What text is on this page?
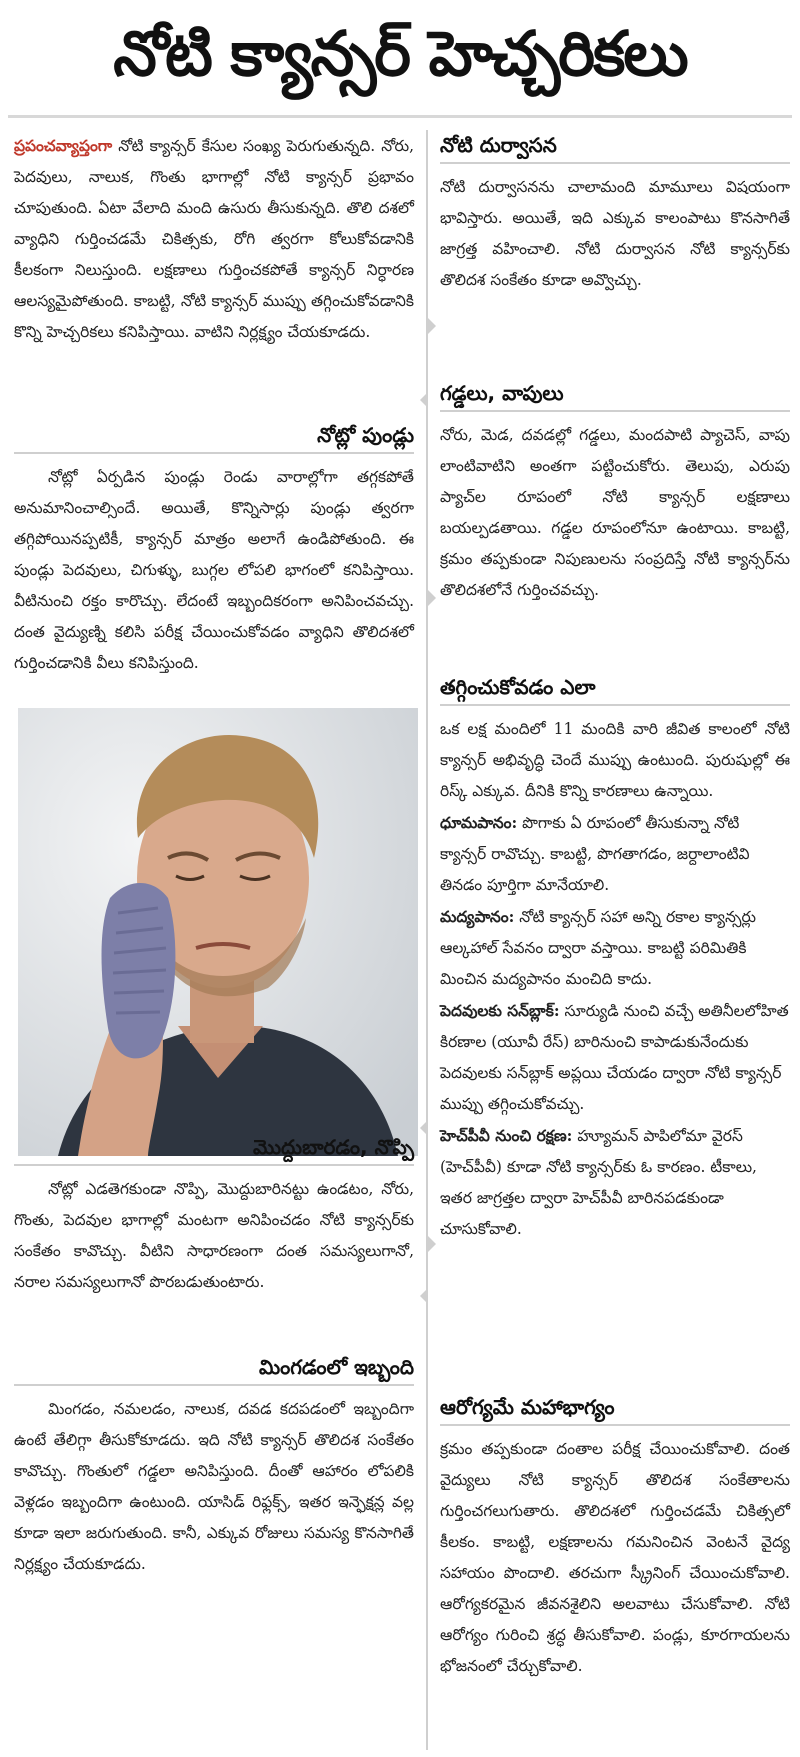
నోటి క్యాన్సర్ హెచ్చరికలు

ప్రపంచవ్యాప్తంగా నోటి క్యాన్సర్ కేసుల సంఖ్య పెరుగుతున్నది. నోరు, పెదవులు, నాలుక, గొంతు భాగాల్లో నోటి క్యాన్సర్ ప్రభావం చూపుతుంది. ఏటా వేలాది మంది ఉసురు తీసుకున్నది. తొలి దశలో వ్యాధిని గుర్తించడమే చికిత్సకు, రోగి త్వరగా కోలుకోవడానికి కీలకంగా నిలుస్తుంది. లక్షణాలు గుర్తించకపోతే క్యాన్సర్ నిర్ధారణ ఆలస్యమైపోతుంది. కాబట్టి, నోటి క్యాన్సర్ ముప్పు తగ్గించుకోవడానికి కొన్ని హెచ్చరికలు కనిపిస్తాయి. వాటిని నిర్లక్ష్యం చేయకూడదు.

నోట్లో పుండ్లు

నోట్లో ఏర్పడిన పుండ్లు రెండు వారాల్లోగా తగ్గకపోతే అనుమానించాల్సిందే. అయితే, కొన్నిసార్లు పుండ్లు త్వరగా తగ్గిపోయినప్పటికీ, క్యాన్సర్ మాత్రం అలాగే ఉండిపోతుంది. ఈ పుండ్లు పెదవులు, చిగుళ్ళు, బుగ్గల లోపలి భాగంలో కనిపిస్తాయి. వీటినుంచి రక్తం కారొచ్చు. లేదంటే ఇబ్బందికరంగా అనిపించవచ్చు. దంత వైద్యుణ్ని కలిసి పరీక్ష చేయించుకోవడం వ్యాధిని తొలిదశలో గుర్తించడానికి వీలు కనిపిస్తుంది.

మొద్దుబారడం, నొప్పి

నోట్లో ఎడతెగకుండా నొప్పి, మొద్దుబారినట్టు ఉండటం, నోరు, గొంతు, పెదవుల భాగాల్లో మంటగా అనిపించడం నోటి క్యాన్సర్‌కు సంకేతం కావొచ్చు. వీటిని సాధారణంగా దంత సమస్యలుగానో, నరాల సమస్యలుగానో పొరబడుతుంటారు.

మింగడంలో ఇబ్బంది

మింగడం, నమలడం, నాలుక, దవడ కదపడంలో ఇబ్బందిగా ఉంటే తేలిగ్గా తీసుకోకూడదు. ఇది నోటి క్యాన్సర్ తొలిదశ సంకేతం కావొచ్చు. గొంతులో గడ్డలా అనిపిస్తుంది. దీంతో ఆహారం లోపలికి వెళ్లడం ఇబ్బందిగా ఉంటుంది. యాసిడ్ రిఫ్లక్స్, ఇతర ఇన్ఫెక్షన్ల వల్ల కూడా ఇలా జరుగుతుంది. కానీ, ఎక్కువ రోజులు సమస్య కొనసాగితే నిర్లక్ష్యం చేయకూడదు.

నోటి దుర్వాసన

నోటి దుర్వాసనను చాలామంది మామూలు విషయంగా భావిస్తారు. అయితే, ఇది ఎక్కువ కాలంపాటు కొనసాగితే జాగ్రత్త వహించాలి. నోటి దుర్వాసన నోటి క్యాన్సర్‌కు తొలిదశ సంకేతం కూడా అవ్వొచ్చు.

గడ్డలు, వాపులు

నోరు, మెడ, దవడల్లో గడ్డలు, మందపాటి ప్యాచెస్, వాపు లాంటివాటిని అంతగా పట్టించుకోరు. తెలుపు, ఎరుపు ప్యాచ్‌ల రూపంలో నోటి క్యాన్సర్ లక్షణాలు బయల్పడతాయి. గడ్డల రూపంలోనూ ఉంటాయి. కాబట్టి, క్రమం తప్పకుండా నిపుణులను సంప్రదిస్తే నోటి క్యాన్సర్‌ను తొలిదశలోనే గుర్తించవచ్చు.

తగ్గించుకోవడం ఎలా

ఒక లక్ష మందిలో 11 మందికి వారి జీవిత కాలంలో నోటి క్యాన్సర్ అభివృద్ధి చెందే ముప్పు ఉంటుంది. పురుషుల్లో ఈ రిస్క్ ఎక్కువ. దీనికి కొన్ని కారణాలు ఉన్నాయి.

ధూమపానం: పొగాకు ఏ రూపంలో తీసుకున్నా నోటి క్యాన్సర్ రావొచ్చు. కాబట్టి, పొగతాగడం, జర్దాలాంటివి తినడం పూర్తిగా మానేయాలి.
మద్యపానం: నోటి క్యాన్సర్ సహా అన్ని రకాల క్యాన్సర్లు ఆల్కహాల్ సేవనం ద్వారా వస్తాయి. కాబట్టి పరిమితికి మించిన మద్యపానం మంచిది కాదు.
పెదవులకు సన్‌బ్లాక్: సూర్యుడి నుంచి వచ్చే అతినీలలోహిత కిరణాల (యూవీ రేస్) బారినుంచి కాపాడుకునేందుకు పెదవులకు సన్‌బ్లాక్ అప్లయి చేయడం ద్వారా నోటి క్యాన్సర్ ముప్పు తగ్గించుకోవచ్చు.
హెచ్‌పీవీ నుంచి రక్షణ: హ్యూమన్ పాపిలోమా వైరస్ (హెచ్‌పీవీ) కూడా నోటి క్యాన్సర్‌కు ఓ కారణం. టీకాలు, ఇతర జాగ్రత్తల ద్వారా హెచ్‌పీవీ బారినపడకుండా చూసుకోవాలి.
ఆరోగ్యమే మహాభాగ్యం

క్రమం తప్పకుండా దంతాల పరీక్ష చేయించుకోవాలి. దంత వైద్యులు నోటి క్యాన్సర్ తొలిదశ సంకేతాలను గుర్తించగలుగుతారు. తొలిదశలో గుర్తించడమే చికిత్సలో కీలకం. కాబట్టి, లక్షణాలను గమనించిన వెంటనే వైద్య సహాయం పొందాలి. తరచుగా స్క్రీనింగ్ చేయించుకోవాలి. ఆరోగ్యకరమైన జీవనశైలిని అలవాటు చేసుకోవాలి. నోటి ఆరోగ్యం గురించి శ్రద్ధ తీసుకోవాలి. పండ్లు, కూరగాయలను భోజనంలో చేర్చుకోవాలి.
